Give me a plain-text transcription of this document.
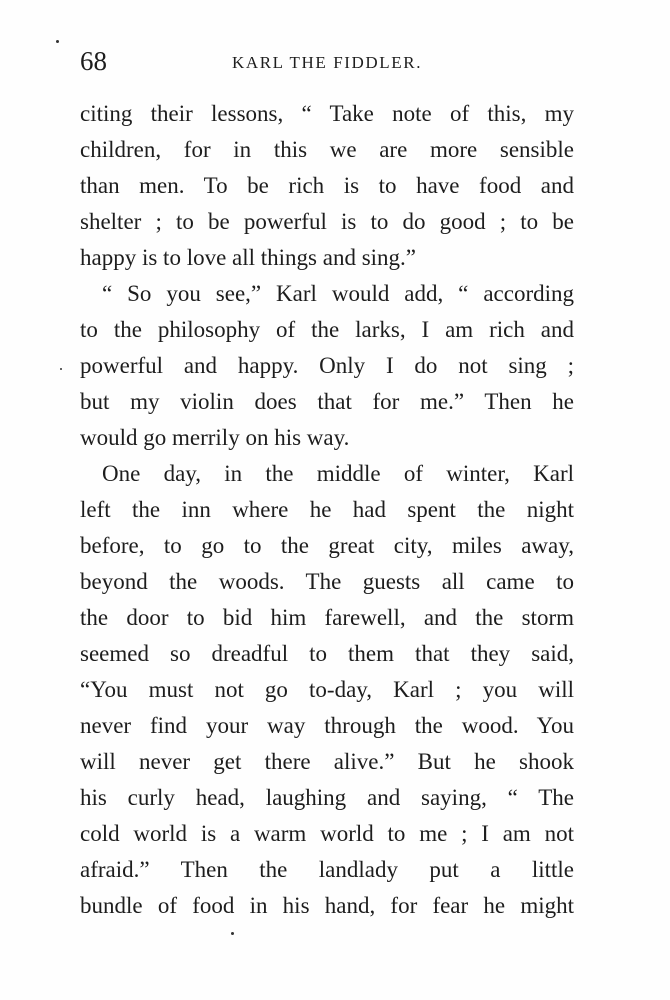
68	KARL THE FIDDLER.
citing their lessons, “ Take note of this, my
children, for in this we are more sensible
than men. To be rich is to have food and
shelter ; to be powerful is to do good ; to be
happy is to love all things and sing.”
“ So you see,” Karl would add, “ according
to the philosophy of the larks, I am rich and
powerful and happy. Only I do not sing ;
but my violin does that for me.” Then he
would go merrily on his way.
One day, in the middle of winter, Karl
left the inn where he had spent the night
before, to go to the great city, miles away,
beyond the woods. The guests all came to
the door to bid him farewell, and the storm
seemed so dreadful to them that they said,
“You must not go to-day, Karl ; you will
never find your way through the wood. You
will never get there alive.” But he shook
his curly head, laughing and saying, “ The
cold world is a warm world to me ; I am not
afraid.” Then the landlady put a little
bundle of food in his hand, for fear he might
